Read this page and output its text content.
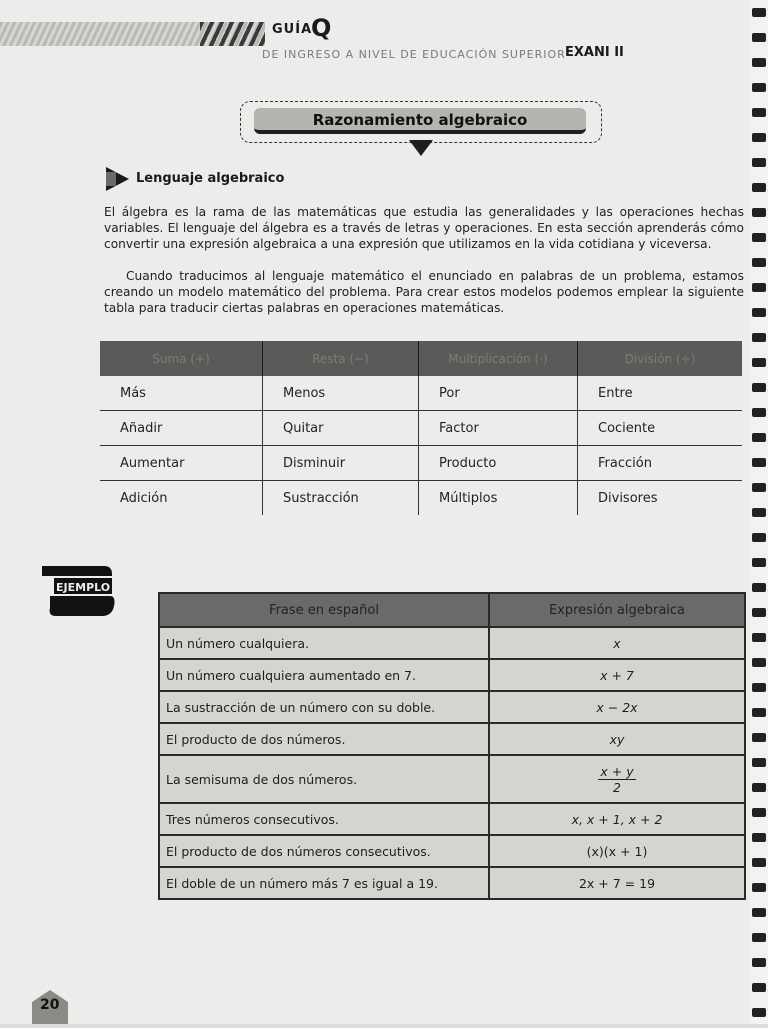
GUÍA
Q
DE INGRESO A NIVEL DE EDUCACIÓN SUPERIOR EXANI II
Razonamiento algebraico
Lenguaje algebraico

El álgebra es la rama de las matemáticas que estudia las generalidades y las operaciones hechas variables. El lenguaje del álgebra es a través de letras y operaciones. En esta sección aprenderás cómo convertir una expresión algebraica a una expresión que utilizamos en la vida cotidiana y viceversa.

Cuando traducimos al lenguaje matemático el enunciado en palabras de un problema, estamos creando un modelo matemático del problema. Para crear estos modelos podemos emplear la siguiente tabla para traducir ciertas palabras en operaciones matemáticas.

Suma (+)	Resta (−)	Multiplicación (·)	División (÷)
Más	Menos	Por	Entre
Añadir	Quitar	Factor	Cociente
Aumentar	Disminuir	Producto	Fracción
Adición	Sustracción	Múltiplos	Divisores
EJEMPLO
Frase en español	Expresión algebraica
Un número cualquiera.	x
Un número cualquiera aumentado en 7.	x + 7
La sustracción de un número con su doble.	x − 2x
El producto de dos números.	xy
La semisuma de dos números.	$\frac{x + y}{2}$

Tres números consecutivos.	x, x + 1, x + 2
El producto de dos números consecutivos.	(x)(x + 1)
El doble de un número más 7 es igual a 19.	2x + 7 = 19
20
